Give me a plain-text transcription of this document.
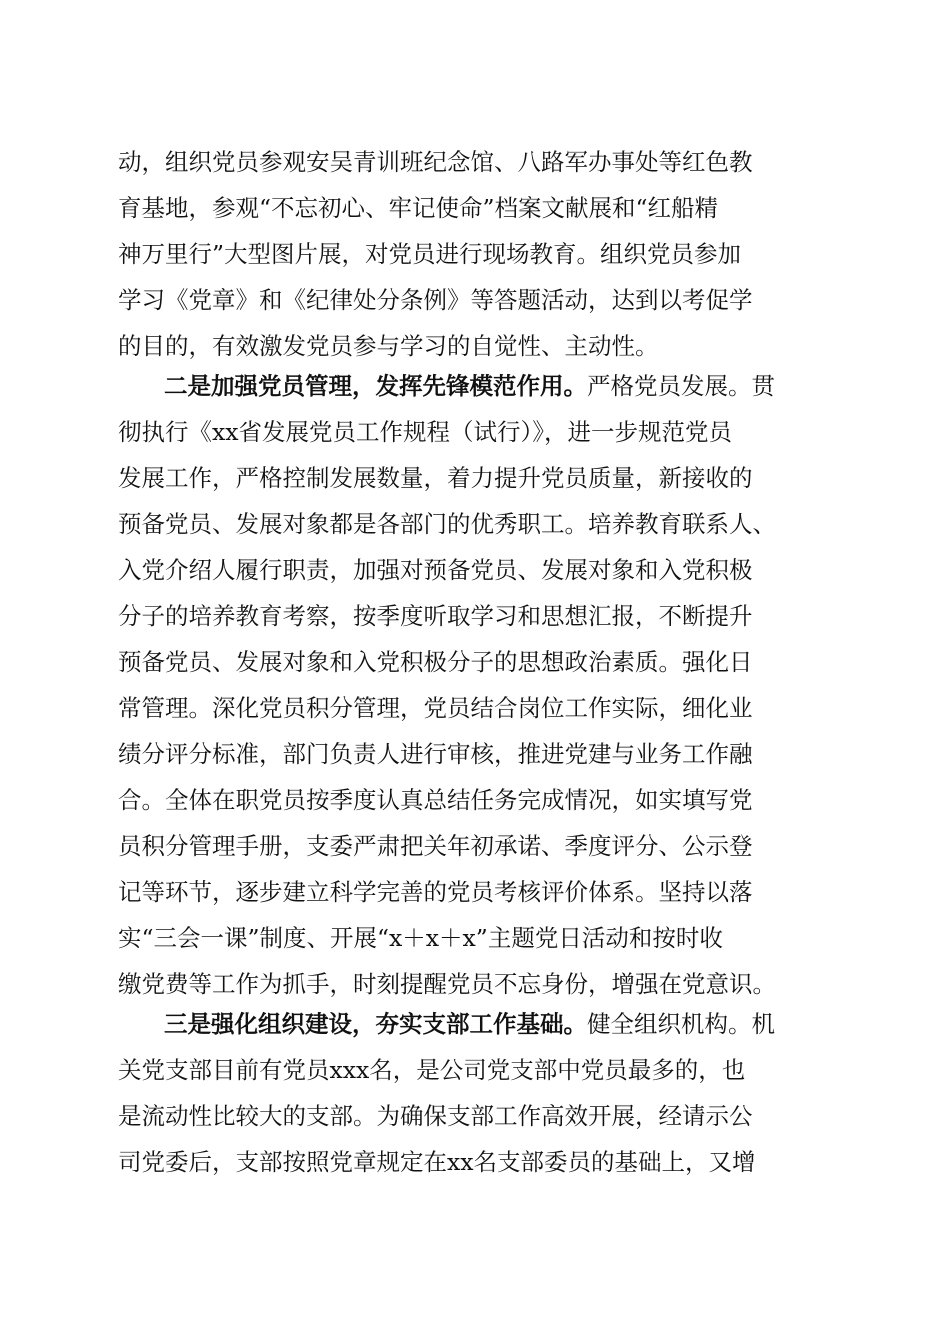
动，组织党员参观安吴青训班纪念馆、八路军办事处等红色教
育基地，参观“不忘初心、牢记使命”档案文献展和“红船精
神万里行”大型图片展，对党员进行现场教育。组织党员参加
学习《党章》和《纪律处分条例》等答题活动，达到以考促学
的目的，有效激发党员参与学习的自觉性、主动性。
二是加强党员管理，发挥先锋模范作用。严格党员发展。贯
彻执行《xx省发展党员工作规程（试行）》，进一步规范党员
发展工作，严格控制发展数量，着力提升党员质量，新接收的
预备党员、发展对象都是各部门的优秀职工。培养教育联系人、
入党介绍人履行职责，加强对预备党员、发展对象和入党积极
分子的培养教育考察，按季度听取学习和思想汇报，不断提升
预备党员、发展对象和入党积极分子的思想政治素质。强化日
常管理。深化党员积分管理，党员结合岗位工作实际，细化业
绩分评分标准，部门负责人进行审核，推进党建与业务工作融
合。全体在职党员按季度认真总结任务完成情况，如实填写党
员积分管理手册，支委严肃把关年初承诺、季度评分、公示登
记等环节，逐步建立科学完善的党员考核评价体系。坚持以落
实“三会一课”制度、开展“x＋x＋x”主题党日活动和按时收
缴党费等工作为抓手，时刻提醒党员不忘身份，增强在党意识。
三是强化组织建设，夯实支部工作基础。健全组织机构。机
关党支部目前有党员xxx名，是公司党支部中党员最多的，也
是流动性比较大的支部。为确保支部工作高效开展，经请示公
司党委后，支部按照党章规定在xx名支部委员的基础上，又增
